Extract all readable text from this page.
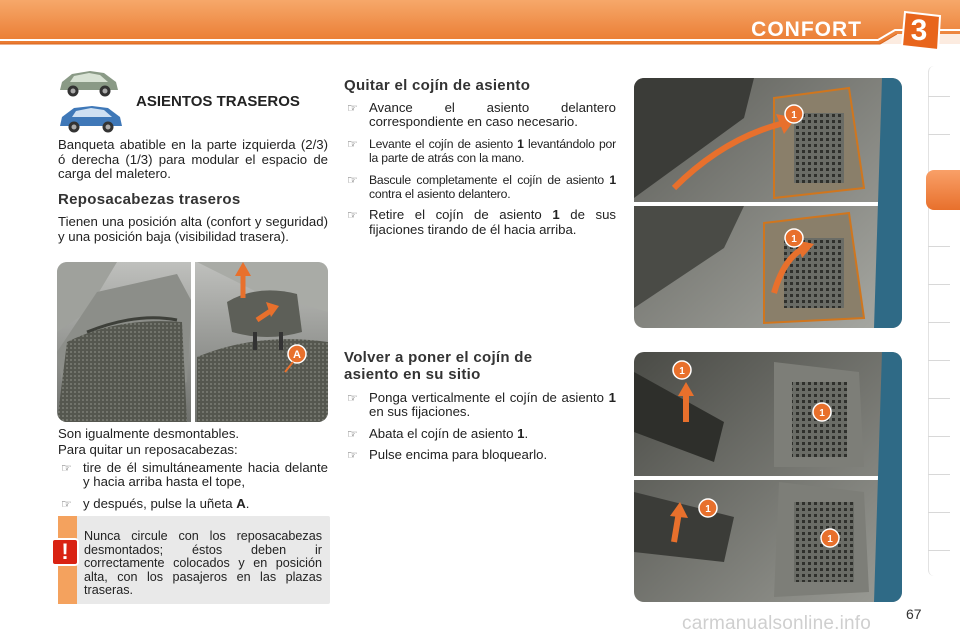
CONFORT	3
ASIENTOS TRASEROS

Banqueta abatible en la parte izquierda (2/3) ó derecha (1/3) para modular el espacio de carga del maletero.

Reposacabezas traseros

Tienen una posición alta (confort y seguridad) y una posición baja (visibilidad trasera).

A

Son igualmente desmontables.

Para quitar un reposacabezas:

☞ tire de él simultáneamente hacia delante y hacia arriba hasta el tope,
☞ y después, pulse la uñeta A.
!
Nunca circule con los reposacabezas desmontados; éstos deben ir correctamente colocados y en posición alta, con los pasajeros en las plazas traseras.
Quitar el cojín de asiento
☞ Avance el asiento delantero correspondiente en caso necesario.
☞ Levante el cojín de asiento 1 levantándolo por la parte de atrás con la mano.
☞ Bascule completamente el cojín de asiento 1 contra el asiento delantero.
☞ Retire el cojín de asiento 1 de sus fijaciones tirando de él hacia arriba.
Volver a poner el cojín de
asiento en su sitio
☞ Ponga verticalmente el cojín de asiento 1 en sus fijaciones.
☞ Abata el cojín de asiento 1.
☞ Pulse encima para bloquearlo.
1
1
1
1
1
1
67
carmanualsonline.info
